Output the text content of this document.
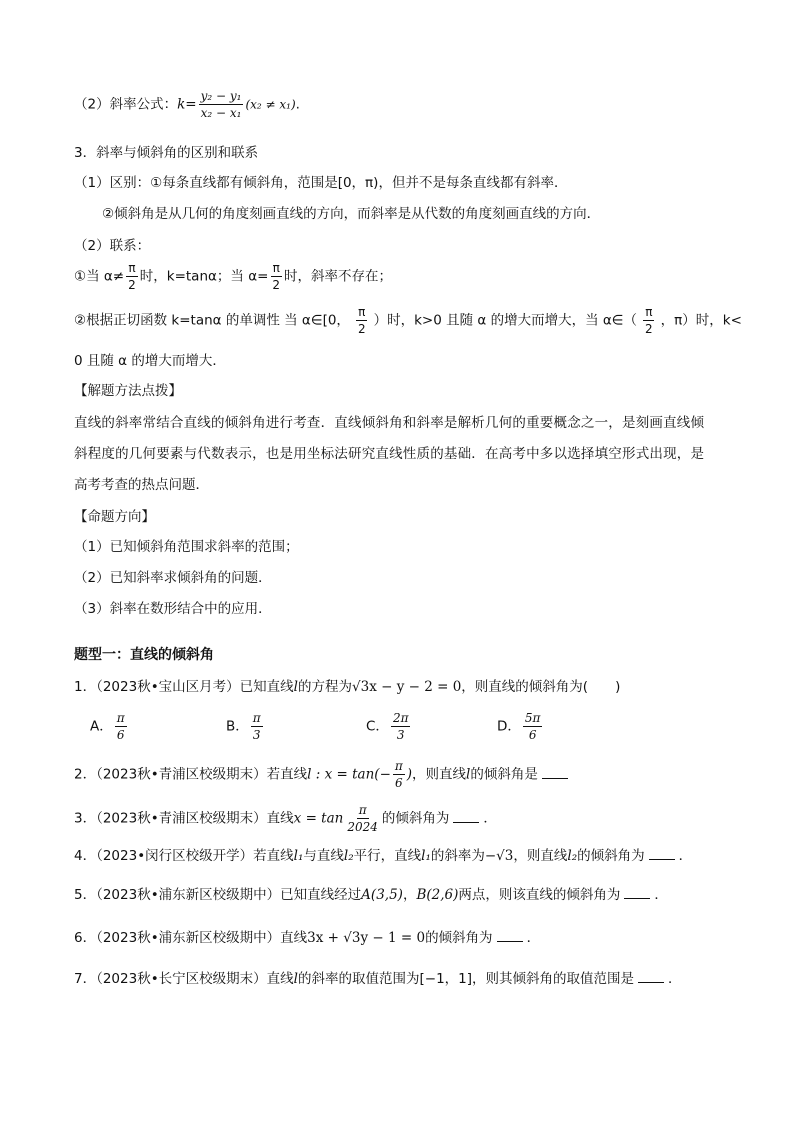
（2）斜率公式：$k= \frac{\text{y₂ − y₁}}{\text{x₂ − x₁}} (x_2 \ne x_1)$.
3．斜率与倾斜角的区别和联系
（1）区别：①每条直线都有倾斜角，范围是[0，π)，但并不是每条直线都有斜率．
②倾斜角是从几何的角度刻画直线的方向，而斜率是从代数的角度刻画直线的方向．
（2）联系：
①当 $\alpha\ne \frac{\pi}{2}$ 时，k=tanα；当 $\alpha= \frac{\pi}{2}$ 时，斜率不存在；
②根据正切函数 k=tanα 的单调性 当 α∈[0， $\frac{\pi}{2}$ ）时，k>0 且随 α 的增大而增大，当 α∈（ $\frac{\pi}{2}$ ，π）时，k<
0 且随 α 的增大而增大．
【解题方法点拨】
直线的斜率常结合直线的倾斜角进行考查．直线倾斜角和斜率是解析几何的重要概念之一，是刻画直线倾
斜程度的几何要素与代数表示，也是用坐标法研究直线性质的基础．在高考中多以选择填空形式出现，是
高考考查的热点问题．
【命题方向】
（1）已知倾斜角范围求斜率的范围；
（2）已知斜率求倾斜角的问题．
（3）斜率在数形结合中的应用．
题型一：直线的倾斜角
1．（2023秋•宝山区月考）已知直线l的方程为√3x − y − 2 = 0，则直线的倾斜角为(　　)
A． $\frac{\pi}{6}$	B． $\frac{\pi}{3}$	C． $\frac{2\pi}{3}$	D． $\frac{5\pi}{6}$
2．（2023秋•青浦区校级期末）若直线l : $x = \tan(- \frac{\pi}{6}$ )，则直线l的倾斜角是
3．（2023秋•青浦区校级期末）直线$x = \tan \frac{\pi}{2024}$ 的倾斜角为	．
4．（2023•闵行区校级开学）若直线l₁与直线l₂平行，直线l₁的斜率为−√3，则直线l₂的倾斜角为	．
5．（2023秋•浦东新区校级期中）已知直线经过A(3,5)，B(2,6)两点，则该直线的倾斜角为	．
6．（2023秋•浦东新区校级期中）直线3x + √3y − 1 = 0的倾斜角为	．
7．（2023秋•长宁区校级期末）直线l的斜率的取值范围为[−1，1]，则其倾斜角的取值范围是	．
